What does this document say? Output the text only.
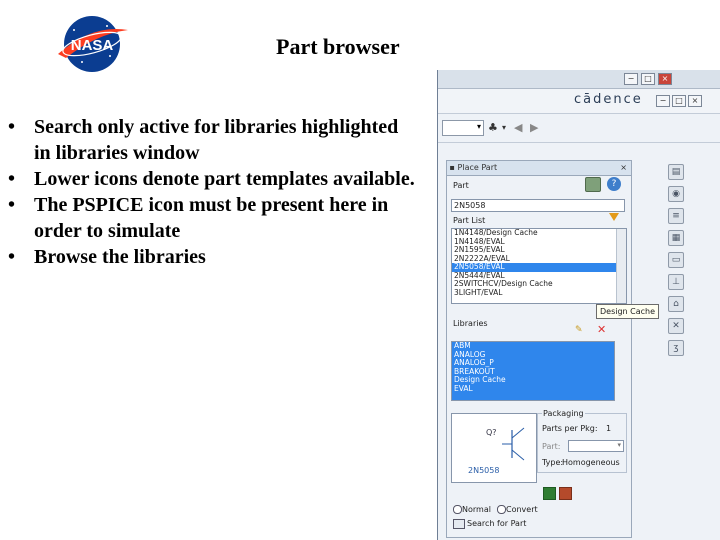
NASA	Part browser
• Search only active for libraries highlighted in libraries window
• Lower icons denote part templates available.
• The PSPICE icon must be present here in order to simulate
• Browse the libraries
−	□	×
−	□	×
cādence
▾ ♣ ▾ ◀ ▶
▪ Place Part	×
Part	?
2N5058
Part List
1N4148/Design Cache
1N4148/EVAL
2N1595/EVAL
2N2222A/EVAL
2N5058/EVAL
2N5444/EVAL
2SWITCHCV/Design Cache
3LIGHT/EVAL
Libraries
✎ ✕
ABM
ANALOG
ANALOG_P
BREAKOUT
Design Cache
EVAL
Q?
2N5058
Packaging
Parts per Pkg: 1
Part:	▾
Type:
Homogeneous
Normal Convert
Search for Part
Design Cache
▤
◉
≡
▦
▭
⊥
⌂
✕
ʒ
